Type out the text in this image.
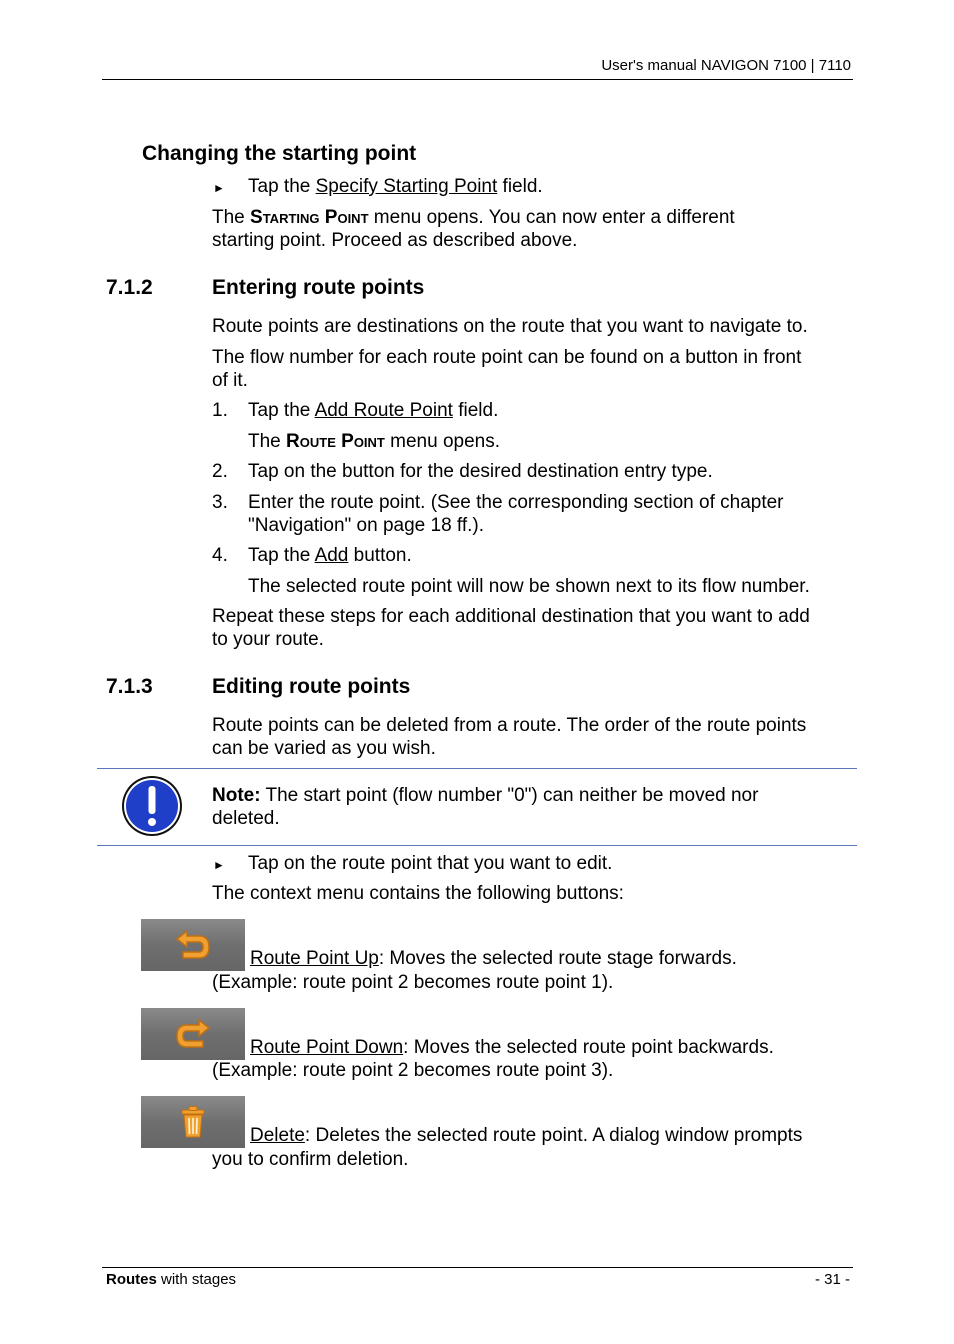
User's manual NAVIGON 7100 | 7110
Changing the starting point
► Tap the Specify Starting Point field.
The Starting Point menu opens. You can now enter a different
starting point. Proceed as described above.
7.1.2	Entering route points
Route points are destinations on the route that you want to navigate to.
The flow number for each route point can be found on a button in front
of it.
1. Tap the Add Route Point field.
The Route Point menu opens.
2. Tap on the button for the desired destination entry type.
3. Enter the route point. (See the corresponding section of chapter
"Navigation" on page 18 ff.).
4. Tap the Add button.
The selected route point will now be shown next to its flow number.
Repeat these steps for each additional destination that you want to add
to your route.
7.1.3	Editing route points
Route points can be deleted from a route. The order of the route points
can be varied as you wish.
Note: The start point (flow number "0") can neither be moved nor
deleted.
► Tap on the route point that you want to edit.
The context menu contains the following buttons:
Route Point Up: Moves the selected route stage forwards.
(Example: route point 2 becomes route point 1).
Route Point Down: Moves the selected route point backwards.
(Example: route point 2 becomes route point 3).
Delete: Deletes the selected route point. A dialog window prompts
you to confirm deletion.
Routes with stages	- 31 -
